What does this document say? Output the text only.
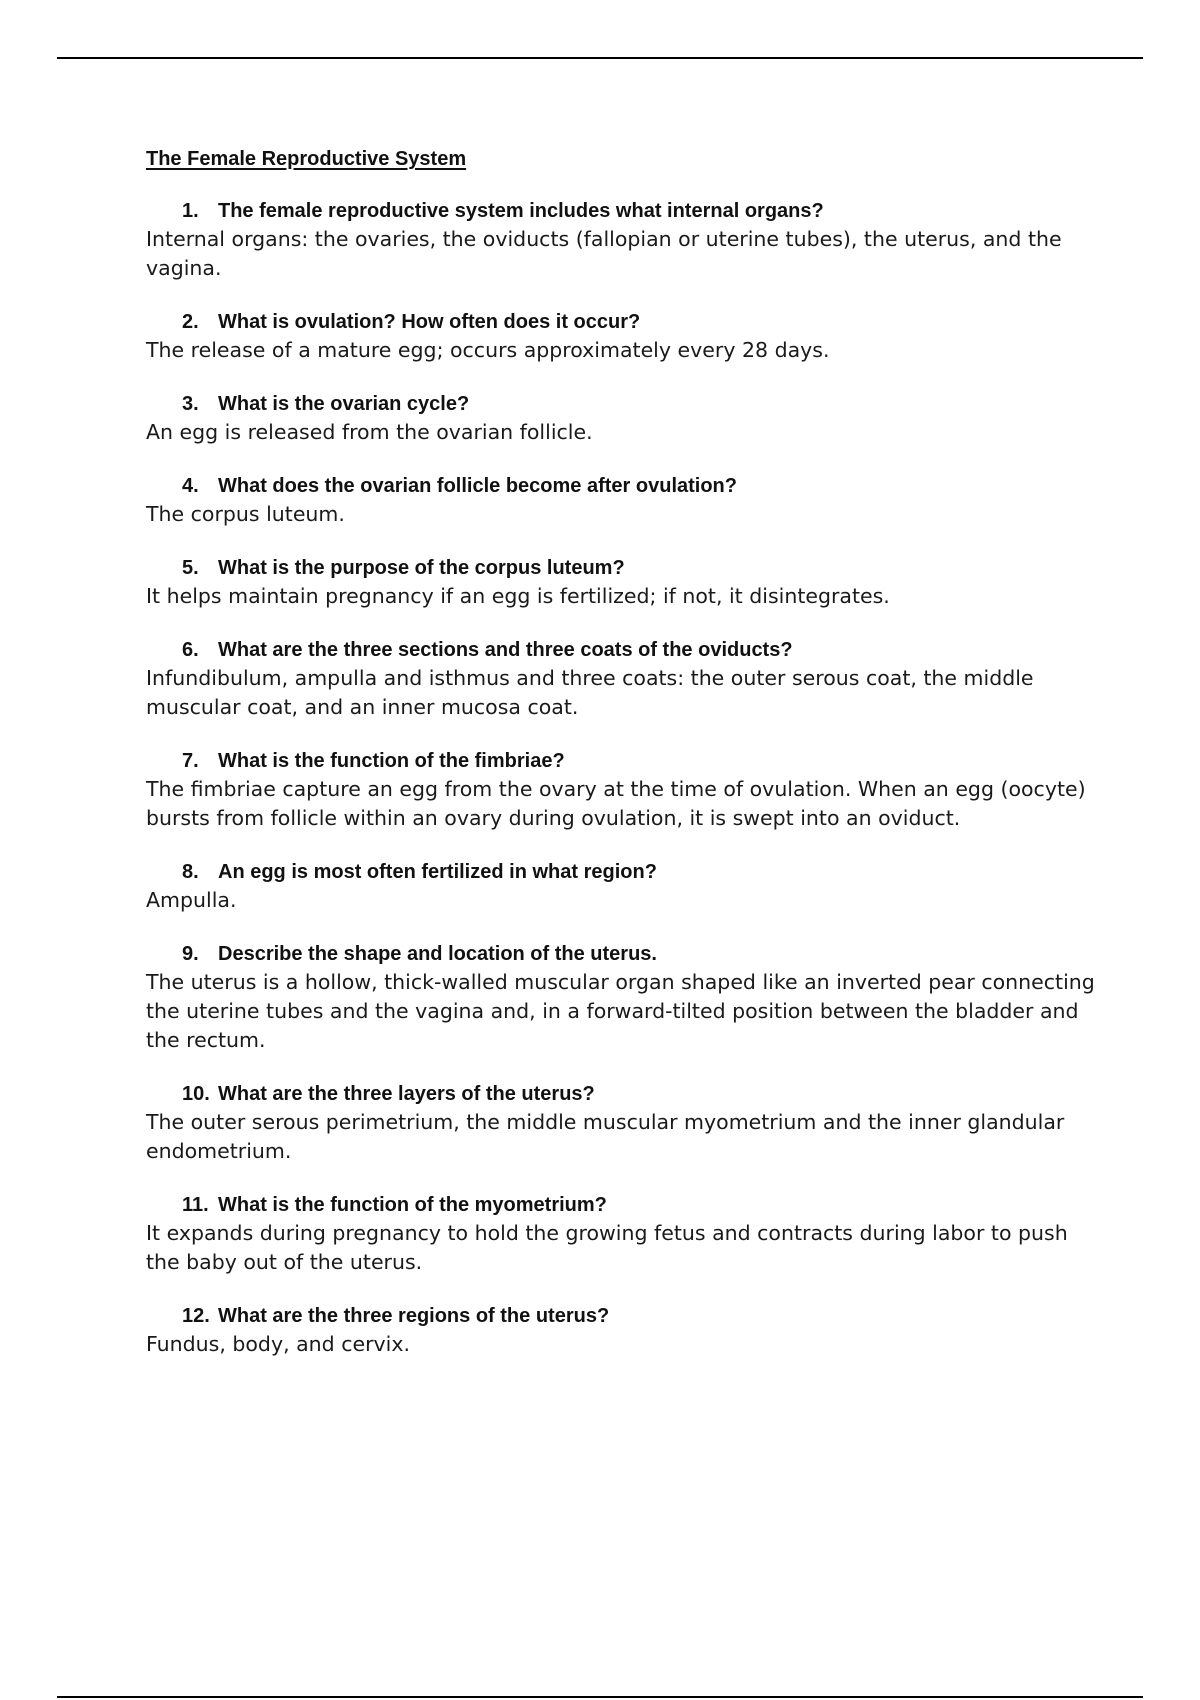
The Female Reproductive System

1. The female reproductive system includes what internal organs?

Internal organs: the ovaries, the oviducts (fallopian or uterine tubes), the uterus, and the vagina.

2. What is ovulation? How often does it occur?

The release of a mature egg; occurs approximately every 28 days.

3. What is the ovarian cycle?

An egg is released from the ovarian follicle.

4. What does the ovarian follicle become after ovulation?

The corpus luteum.

5. What is the purpose of the corpus luteum?

It helps maintain pregnancy if an egg is fertilized; if not, it disintegrates.

6. What are the three sections and three coats of the oviducts?

Infundibulum, ampulla and isthmus and three coats: the outer serous coat, the middle muscular coat, and an inner mucosa coat.

7. What is the function of the fimbriae?

The fimbriae capture an egg from the ovary at the time of ovulation. When an egg (oocyte) bursts from follicle within an ovary during ovulation, it is swept into an oviduct.

8. An egg is most often fertilized in what region?

Ampulla.

9. Describe the shape and location of the uterus.

The uterus is a hollow, thick-walled muscular organ shaped like an inverted pear connecting the uterine tubes and the vagina and, in a forward-tilted position between the bladder and the rectum.

10. What are the three layers of the uterus?

The outer serous perimetrium, the middle muscular myometrium and the inner glandular endometrium.

11. What is the function of the myometrium?

It expands during pregnancy to hold the growing fetus and contracts during labor to push the baby out of the uterus.

12. What are the three regions of the uterus?

Fundus, body, and cervix.
